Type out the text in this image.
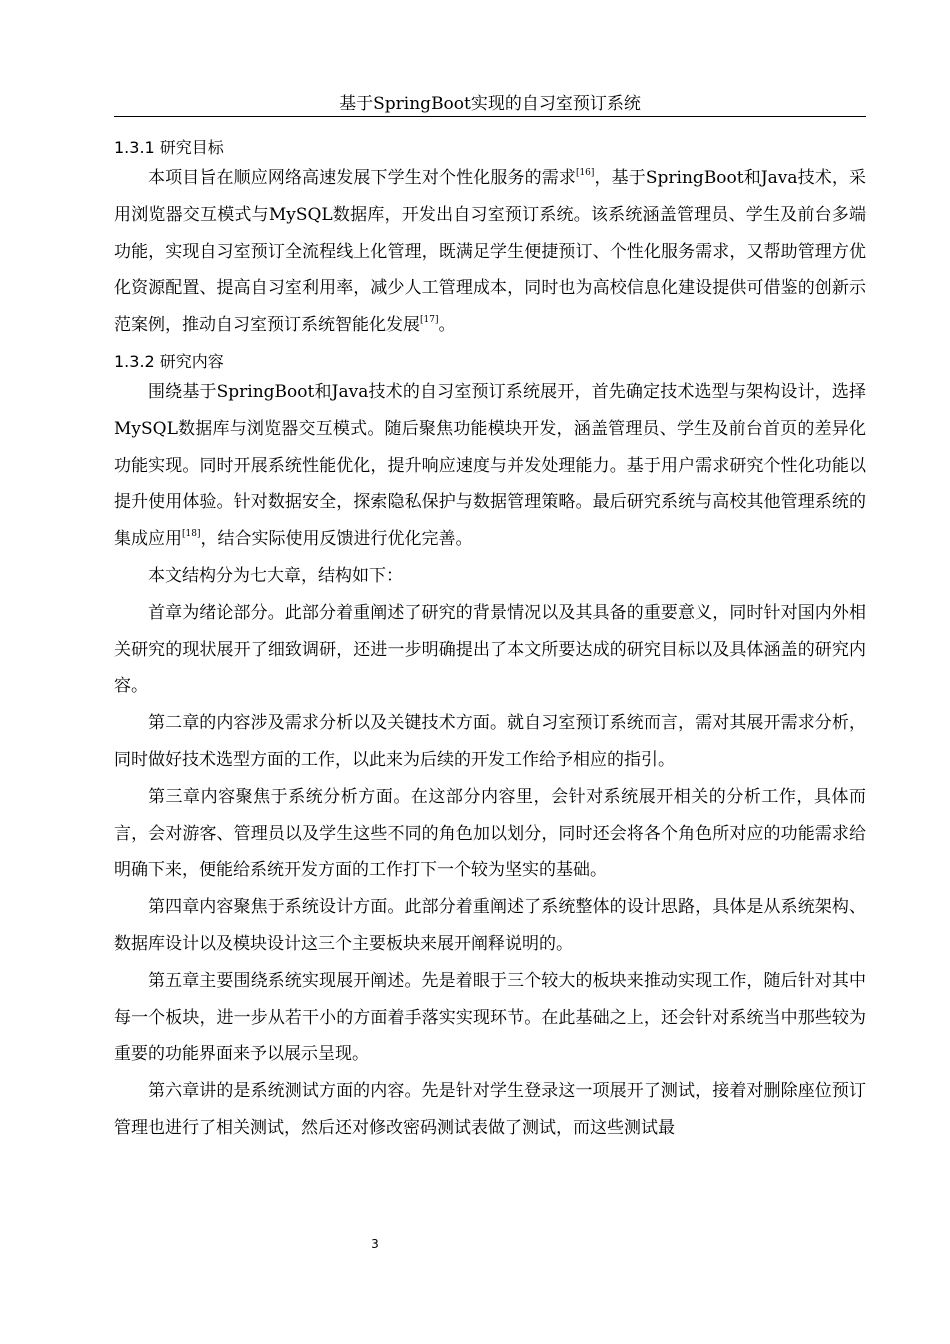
基于SpringBoot实现的自习室预订系统
1.3.1 研究目标

本项目旨在顺应网络高速发展下学生对个性化服务的需求[16]，基于SpringBoot和Java技术，采用浏览器交互模式与MySQL数据库，开发出自习室预订系统。该系统涵盖管理员、学生及前台多端功能，实现自习室预订全流程线上化管理，既满足学生便捷预订、个性化服务需求，又帮助管理方优化资源配置、提高自习室利用率，减少人工管理成本，同时也为高校信息化建设提供可借鉴的创新示范案例，推动自习室预订系统智能化发展[17]。

1.3.2 研究内容

围绕基于SpringBoot和Java技术的自习室预订系统展开，首先确定技术选型与架构设计，选择MySQL数据库与浏览器交互模式。随后聚焦功能模块开发，涵盖管理员、学生及前台首页的差异化功能实现。同时开展系统性能优化，提升响应速度与并发处理能力。基于用户需求研究个性化功能以提升使用体验。针对数据安全，探索隐私保护与数据管理策略。最后研究系统与高校其他管理系统的集成应用[18]，结合实际使用反馈进行优化完善。

本文结构分为七大章，结构如下：

首章为绪论部分。此部分着重阐述了研究的背景情况以及其具备的重要意义，同时针对国内外相关研究的现状展开了细致调研，还进一步明确提出了本文所要达成的研究目标以及具体涵盖的研究内容。

第二章的内容涉及需求分析以及关键技术方面。就自习室预订系统而言，需对其展开需求分析，同时做好技术选型方面的工作，以此来为后续的开发工作给予相应的指引。

第三章内容聚焦于系统分析方面。在这部分内容里，会针对系统展开相关的分析工作，具体而言，会对游客、管理员以及学生这些不同的角色加以划分，同时还会将各个角色所对应的功能需求给明确下来，便能给系统开发方面的工作打下一个较为坚实的基础。

第四章内容聚焦于系统设计方面。此部分着重阐述了系统整体的设计思路，具体是从系统架构、数据库设计以及模块设计这三个主要板块来展开阐释说明的。

第五章主要围绕系统实现展开阐述。先是着眼于三个较大的板块来推动实现工作，随后针对其中每一个板块，进一步从若干小的方面着手落实实现环节。在此基础之上，还会针对系统当中那些较为重要的功能界面来予以展示呈现。

第六章讲的是系统测试方面的内容。先是针对学生登录这一项展开了测试，接着对删除座位预订管理也进行了相关测试，然后还对修改密码测试表做了测试，而这些测试最

3
